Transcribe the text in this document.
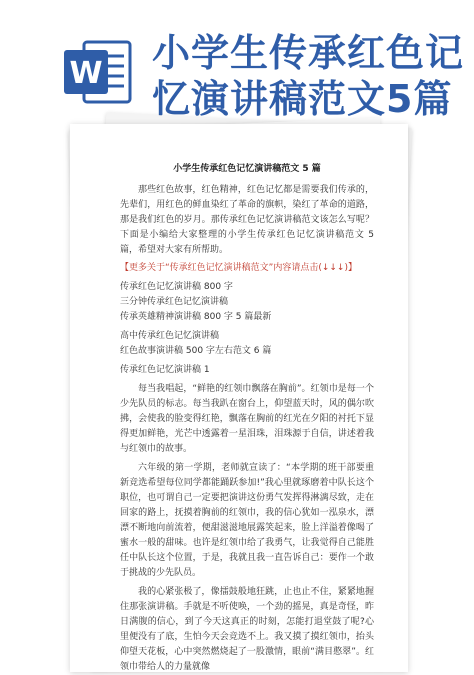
W 小学生传承红色记
忆演讲稿范文5篇

小学生传承红色记忆演讲稿范文 5 篇

那些红色故事，红色精神，红色记忆都是需要我们传承的，先辈们，用红色的鲜血染红了革命的旗帜，染红了革命的道路，那是我们红色的岁月。那传承红色记忆演讲稿范文该怎么写呢？下面是小编给大家整理的小学生传承红色记忆演讲稿范文 5 篇，希望对大家有所帮助。

【更多关于“传承红色记忆演讲稿范文”内容请点击(↓↓↓)】

传承红色记忆演讲稿 800 字
三分钟传承红色记忆演讲稿
传承英雄精神演讲稿 800 字 5 篇最新
高中传承红色记忆演讲稿
红色故事演讲稿 500 字左右范文 6 篇
传承红色记忆演讲稿 1

每当我唱起，“鲜艳的红领巾飘落在胸前”。红领巾是每一个少先队员的标志。每当我趴在窗台上，仰望蓝天时，风的偶尔吹拂，会使我的脸变得红艳，飘落在胸前的红光在夕阳的衬托下显得更加鲜艳，光芒中透露着一星泪珠，泪珠源于自信，讲述着我与红领巾的故事。

六年级的第一学期，老师就宣读了：“本学期的班干部要重新竞选希望每位同学都能踊跃参加!”我心里就琢磨着中队长这个职位，也可谓自己一定要把演讲这份勇气发挥得淋漓尽致，走在回家的路上，抚摸着胸前的红领巾，我的信心犹如一泓泉水，漂漂不断地向前流着，便甜滋滋地展露笑起来，脸上洋溢着像喝了蜜水一般的甜味。也许是红领巾给了我勇气，让我觉得自己能胜任中队长这个位置，于是，我就且我一直告诉自己：要作一个敢于挑战的少先队员。

我的心紧张极了，像擂鼓般地狂跳，止也止不住，紧紧地握住那张演讲稿。手就是不听使唤，一个劲的摇晃，真是奇怪，昨日满腹的信心，到了今天这真正的时刻，怎能打退堂鼓了呢?心里便没有了底，生怕今天会竞选不上。我又摸了摸红领巾，抬头仰望天花板，心中突然燃烧起了一股激情，眼前“满目憨翠”。红领巾带给人的力量就像
